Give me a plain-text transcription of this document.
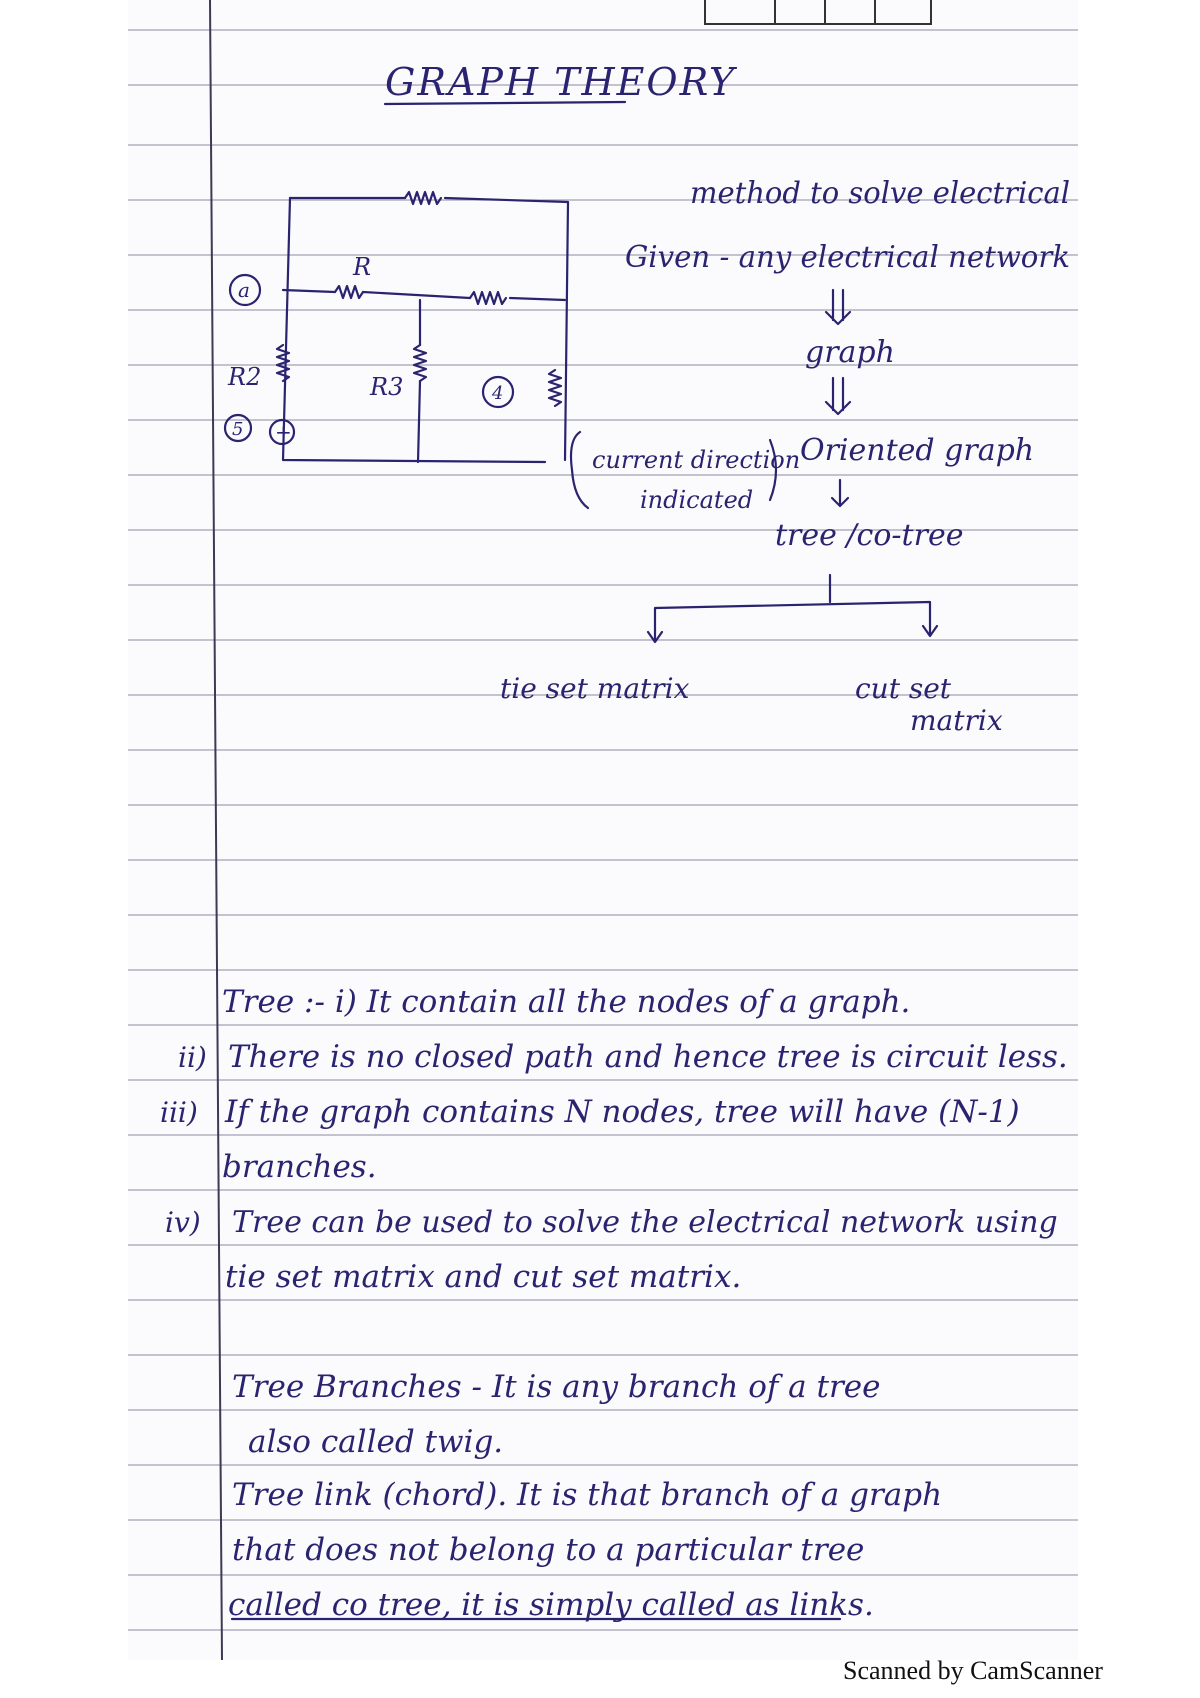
GRAPH THEORY
a
R
R2	R3
5
4
+
method to solve electrical
Given - any electrical network
graph
current direction
indicated
Oriented graph
tree /co-tree
tie set matrix	cut set
matrix
Tree :- i) It contain all the nodes of a graph.
ii) There is no closed path and hence tree is circuit less.
iii) If the graph contains N nodes, tree will have (N-1)
branches.
iv) Tree can be used to solve the electrical network using
tie set matrix and cut set matrix.
Tree Branches - It is any branch of a tree
also called twig.
Tree link (chord). It is that branch of a graph
that does not belong to a particular tree
called co tree, it is simply called as links.
Scanned by CamScanner
